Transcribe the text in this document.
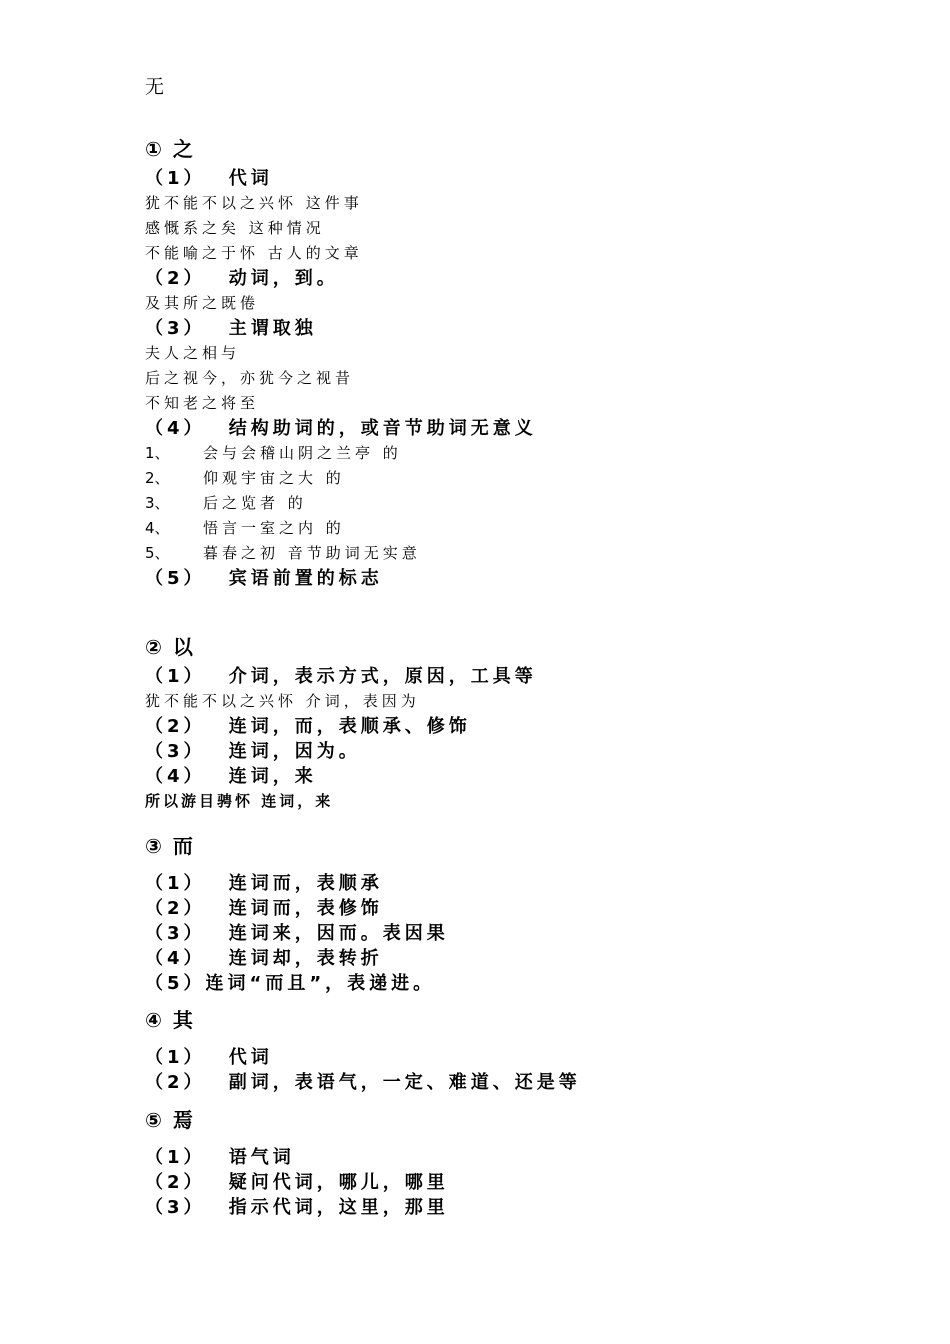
无
① 之
（1）　 代词
犹不能不以之兴怀 这件事
感慨系之矣 这种情况
不能喻之于怀 古人的文章
（2）　 动词，到。
及其所之既倦
（3）　 主谓取独
夫人之相与
后之视今，亦犹今之视昔
不知老之将至
（4）　 结构助词的，或音节助词无意义
1、 会与会稽山阴之兰亭 的
2、 仰观宇宙之大 的
3、 后之览者 的
4、 悟言一室之内 的
5、 暮春之初 音节助词无实意
（5）　 宾语前置的标志
② 以
（1）　 介词，表示方式，原因，工具等
犹不能不以之兴怀 介词，表因为
（2）　 连词，而，表顺承、修饰
（3）　 连词，因为。
（4）　 连词，来
所以游目骋怀 连词，来
③ 而
（1）　 连词而，表顺承
（2）　 连词而，表修饰
（3）　 连词来，因而。表因果
（4）　 连词却，表转折
（5）连词“而且”，表递进。
④ 其
（1）　 代词
（2）　 副词，表语气，一定、难道、还是等
⑤ 焉
（1）　 语气词
（2）　 疑问代词，哪儿，哪里
（3）　 指示代词，这里，那里
